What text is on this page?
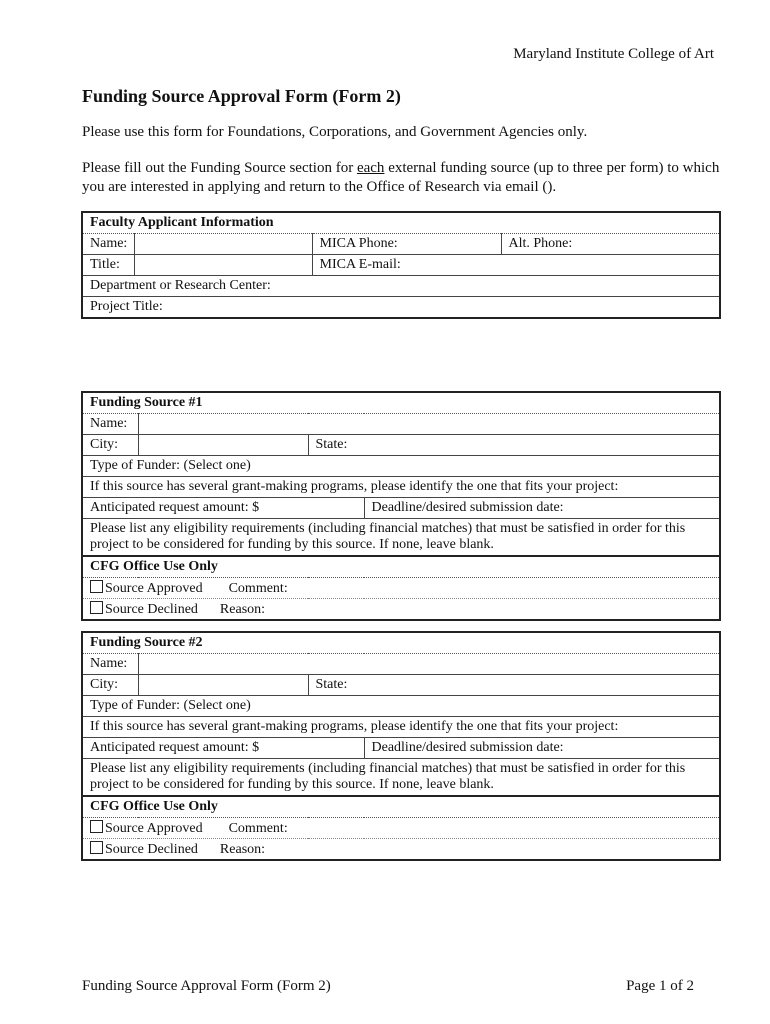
Maryland Institute College of Art
Funding Source Approval Form (Form 2)
Please use this form for Foundations, Corporations, and Government Agencies only.
Please fill out the Funding Source section for each external funding source (up to three per form) to which you are interested in applying and return to the Office of Research via email ().
Faculty Applicant Information			
Name:		MICA Phone:	Alt. Phone:
Title:		MICA E-mail:	
Department or Research Center:			
Project Title:			
Funding Source #1			
Name:			
City:		State:	
Type of Funder: (Select one)			
If this source has several grant-making programs, please identify the one that fits your project:			
Anticipated request amount: $			Deadline/desired submission date:
Please list any eligibility requirements (including financial matches) that must be satisfied in order for this project to be considered for funding by this source. If none, leave blank.			
CFG Office Use Only			
Source Approved Comment:			
Source Declined Reason:			
Funding Source #2			
Name:			
City:		State:	
Type of Funder: (Select one)			
If this source has several grant-making programs, please identify the one that fits your project:			
Anticipated request amount: $			Deadline/desired submission date:
Please list any eligibility requirements (including financial matches) that must be satisfied in order for this project to be considered for funding by this source. If none, leave blank.			
CFG Office Use Only			
Source Approved Comment:			
Source Declined Reason:			
Funding Source Approval Form (Form 2)	Page 1 of 2
